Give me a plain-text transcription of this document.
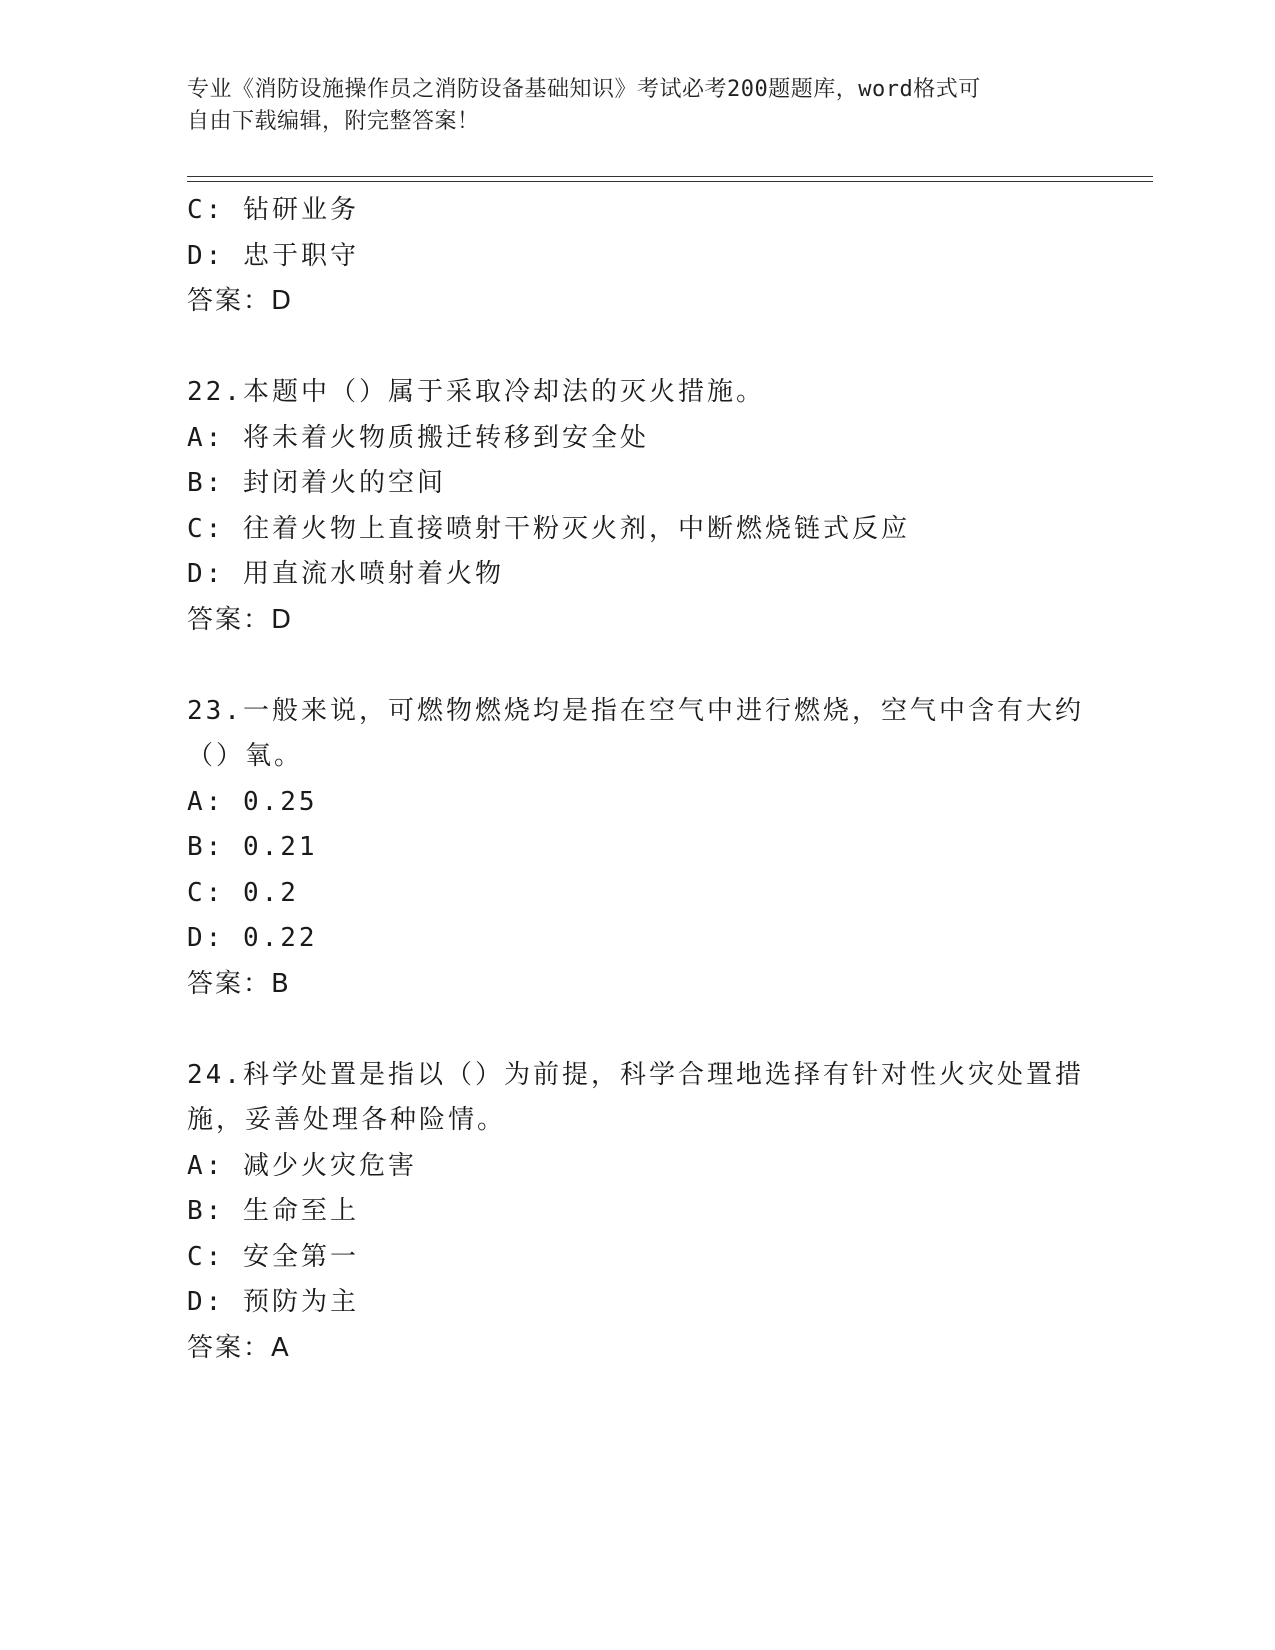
专业《消防设施操作员之消防设备基础知识》考试必考200题题库，word格式可
自由下载编辑，附完整答案！
C: 钻研业务
D: 忠于职守
答案：D
22.本题中（）属于采取冷却法的灭火措施。
A: 将未着火物质搬迁转移到安全处
B: 封闭着火的空间
C: 往着火物上直接喷射干粉灭火剂，中断燃烧链式反应
D: 用直流水喷射着火物
答案：D
23.一般来说，可燃物燃烧均是指在空气中进行燃烧，空气中含有大约
（）氧。
A: 0.25
B: 0.21
C: 0.2
D: 0.22
答案：B
24.科学处置是指以（）为前提，科学合理地选择有针对性火灾处置措
施，妥善处理各种险情。
A: 减少火灾危害
B: 生命至上
C: 安全第一
D: 预防为主
答案：A
